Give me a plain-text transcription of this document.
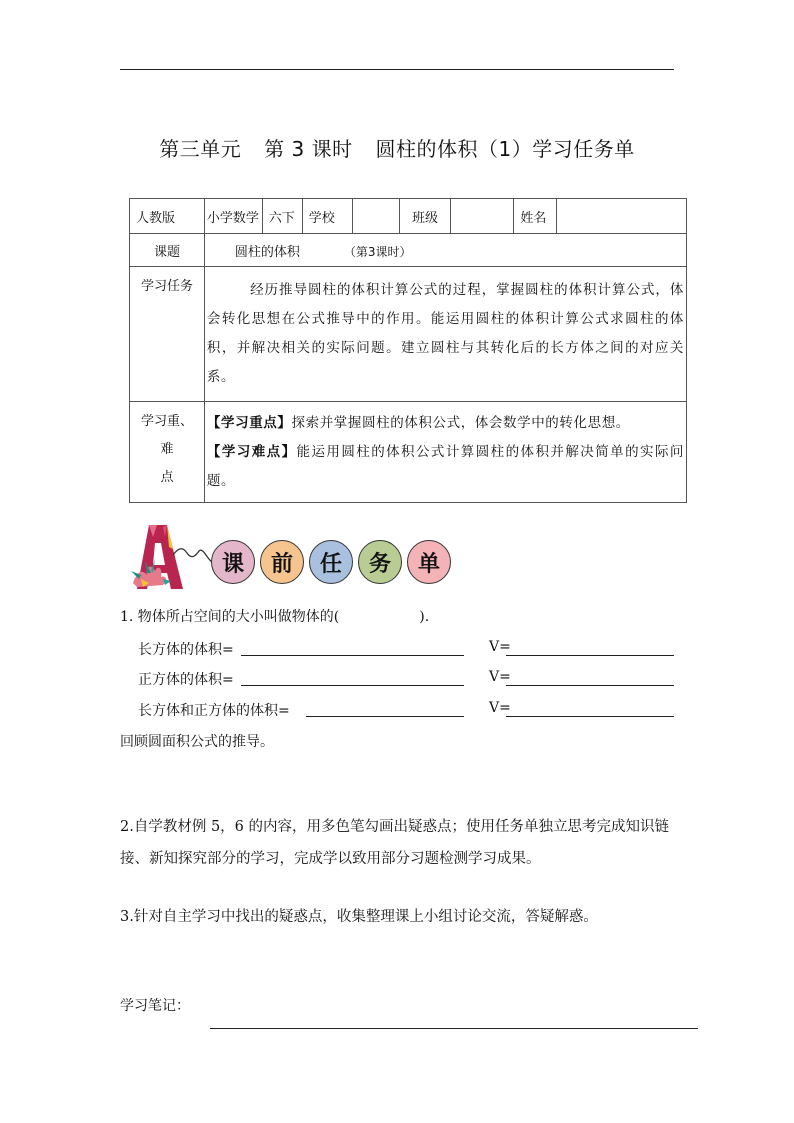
第三单元 第 3 课时 圆柱的体积（1）学习任务单
人教版	小学数学	六下	学校		班级		姓名	
课题	圆柱的体积 （第3课时）							
学习任务	经历推导圆柱的体积计算公式的过程，掌握圆柱的体积计算公式，体会转化思想在公式推导中的作用。能运用圆柱的体积计算公式求圆柱的体积，并解决相关的实际问题。建立圆柱与其转化后的长方体之间的对应关系。							

学习重、难
点

【学习重点】探索并掌握圆柱的体积公式，体会数学中的转化思想。

【学习难点】能运用圆柱的体积公式计算圆柱的体积并解决简单的实际问题。

课	前	任	务	单
1. 物体所占空间的大小叫做物体的(	).
长方体的体积=	V=
正方体的体积=	V=
长方体和正方体的体积=	V=
回顾圆面积公式的推导。
2.自学教材例 5，6 的内容，用多色笔勾画出疑惑点；使用任务单独立思考完成知识链接、新知探究部分的学习，完成学以致用部分习题检测学习成果。
3.针对自主学习中找出的疑惑点，收集整理课上小组讨论交流，答疑解惑。
学习笔记：
